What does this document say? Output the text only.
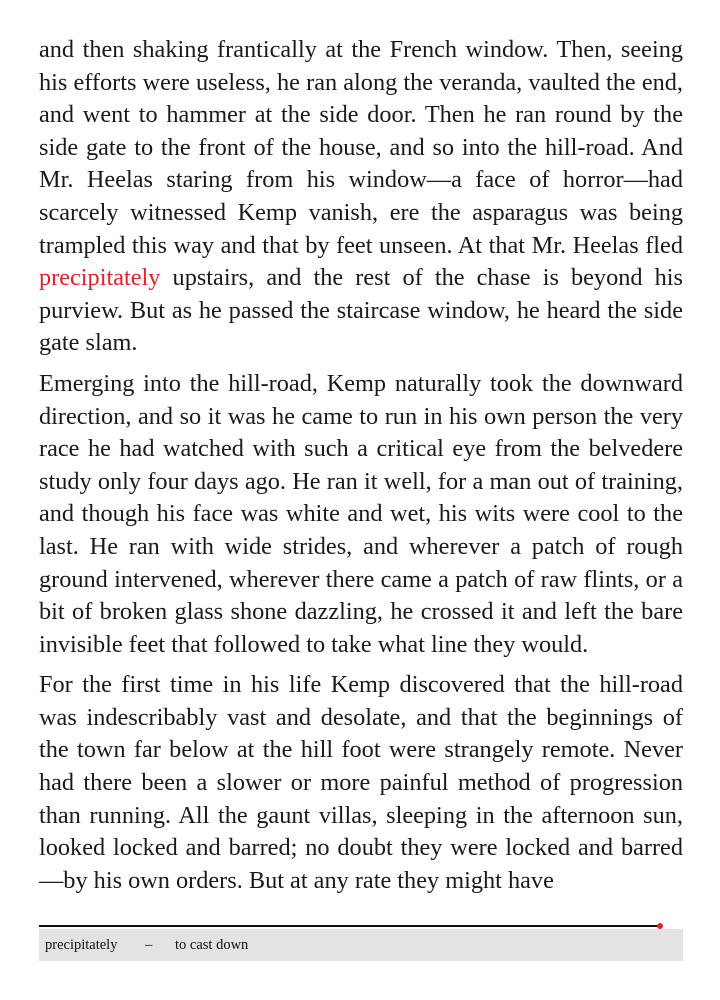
and then shaking frantically at the French window. Then, seeing his efforts were useless, he ran along the veranda, vaulted the end, and went to hammer at the side door. Then he ran round by the side gate to the front of the house, and so into the hill-road. And Mr. Heelas staring from his window—a face of horror—had scarcely witnessed Kemp vanish, ere the asparagus was being trampled this way and that by feet unseen. At that Mr. Heelas fled precipitately upstairs, and the rest of the chase is beyond his purview. But as he passed the staircase window, he heard the side gate slam.

Emerging into the hill-road, Kemp naturally took the downward direction, and so it was he came to run in his own person the very race he had watched with such a critical eye from the belvedere study only four days ago. He ran it well, for a man out of training, and though his face was white and wet, his wits were cool to the last. He ran with wide strides, and wherever a patch of rough ground intervened, wherever there came a patch of raw flints, or a bit of broken glass shone dazzling, he crossed it and left the bare invisible feet that followed to take what line they would.

For the first time in his life Kemp discovered that the hill-road was indescribably vast and desolate, and that the beginnings of the town far below at the hill foot were strangely remote. Never had there been a slower or more painful method of progression than running. All the gaunt villas, sleeping in the afternoon sun, looked locked and barred; no doubt they were locked and barred—by his own orders. But at any rate they might have

precipitately – to cast down
